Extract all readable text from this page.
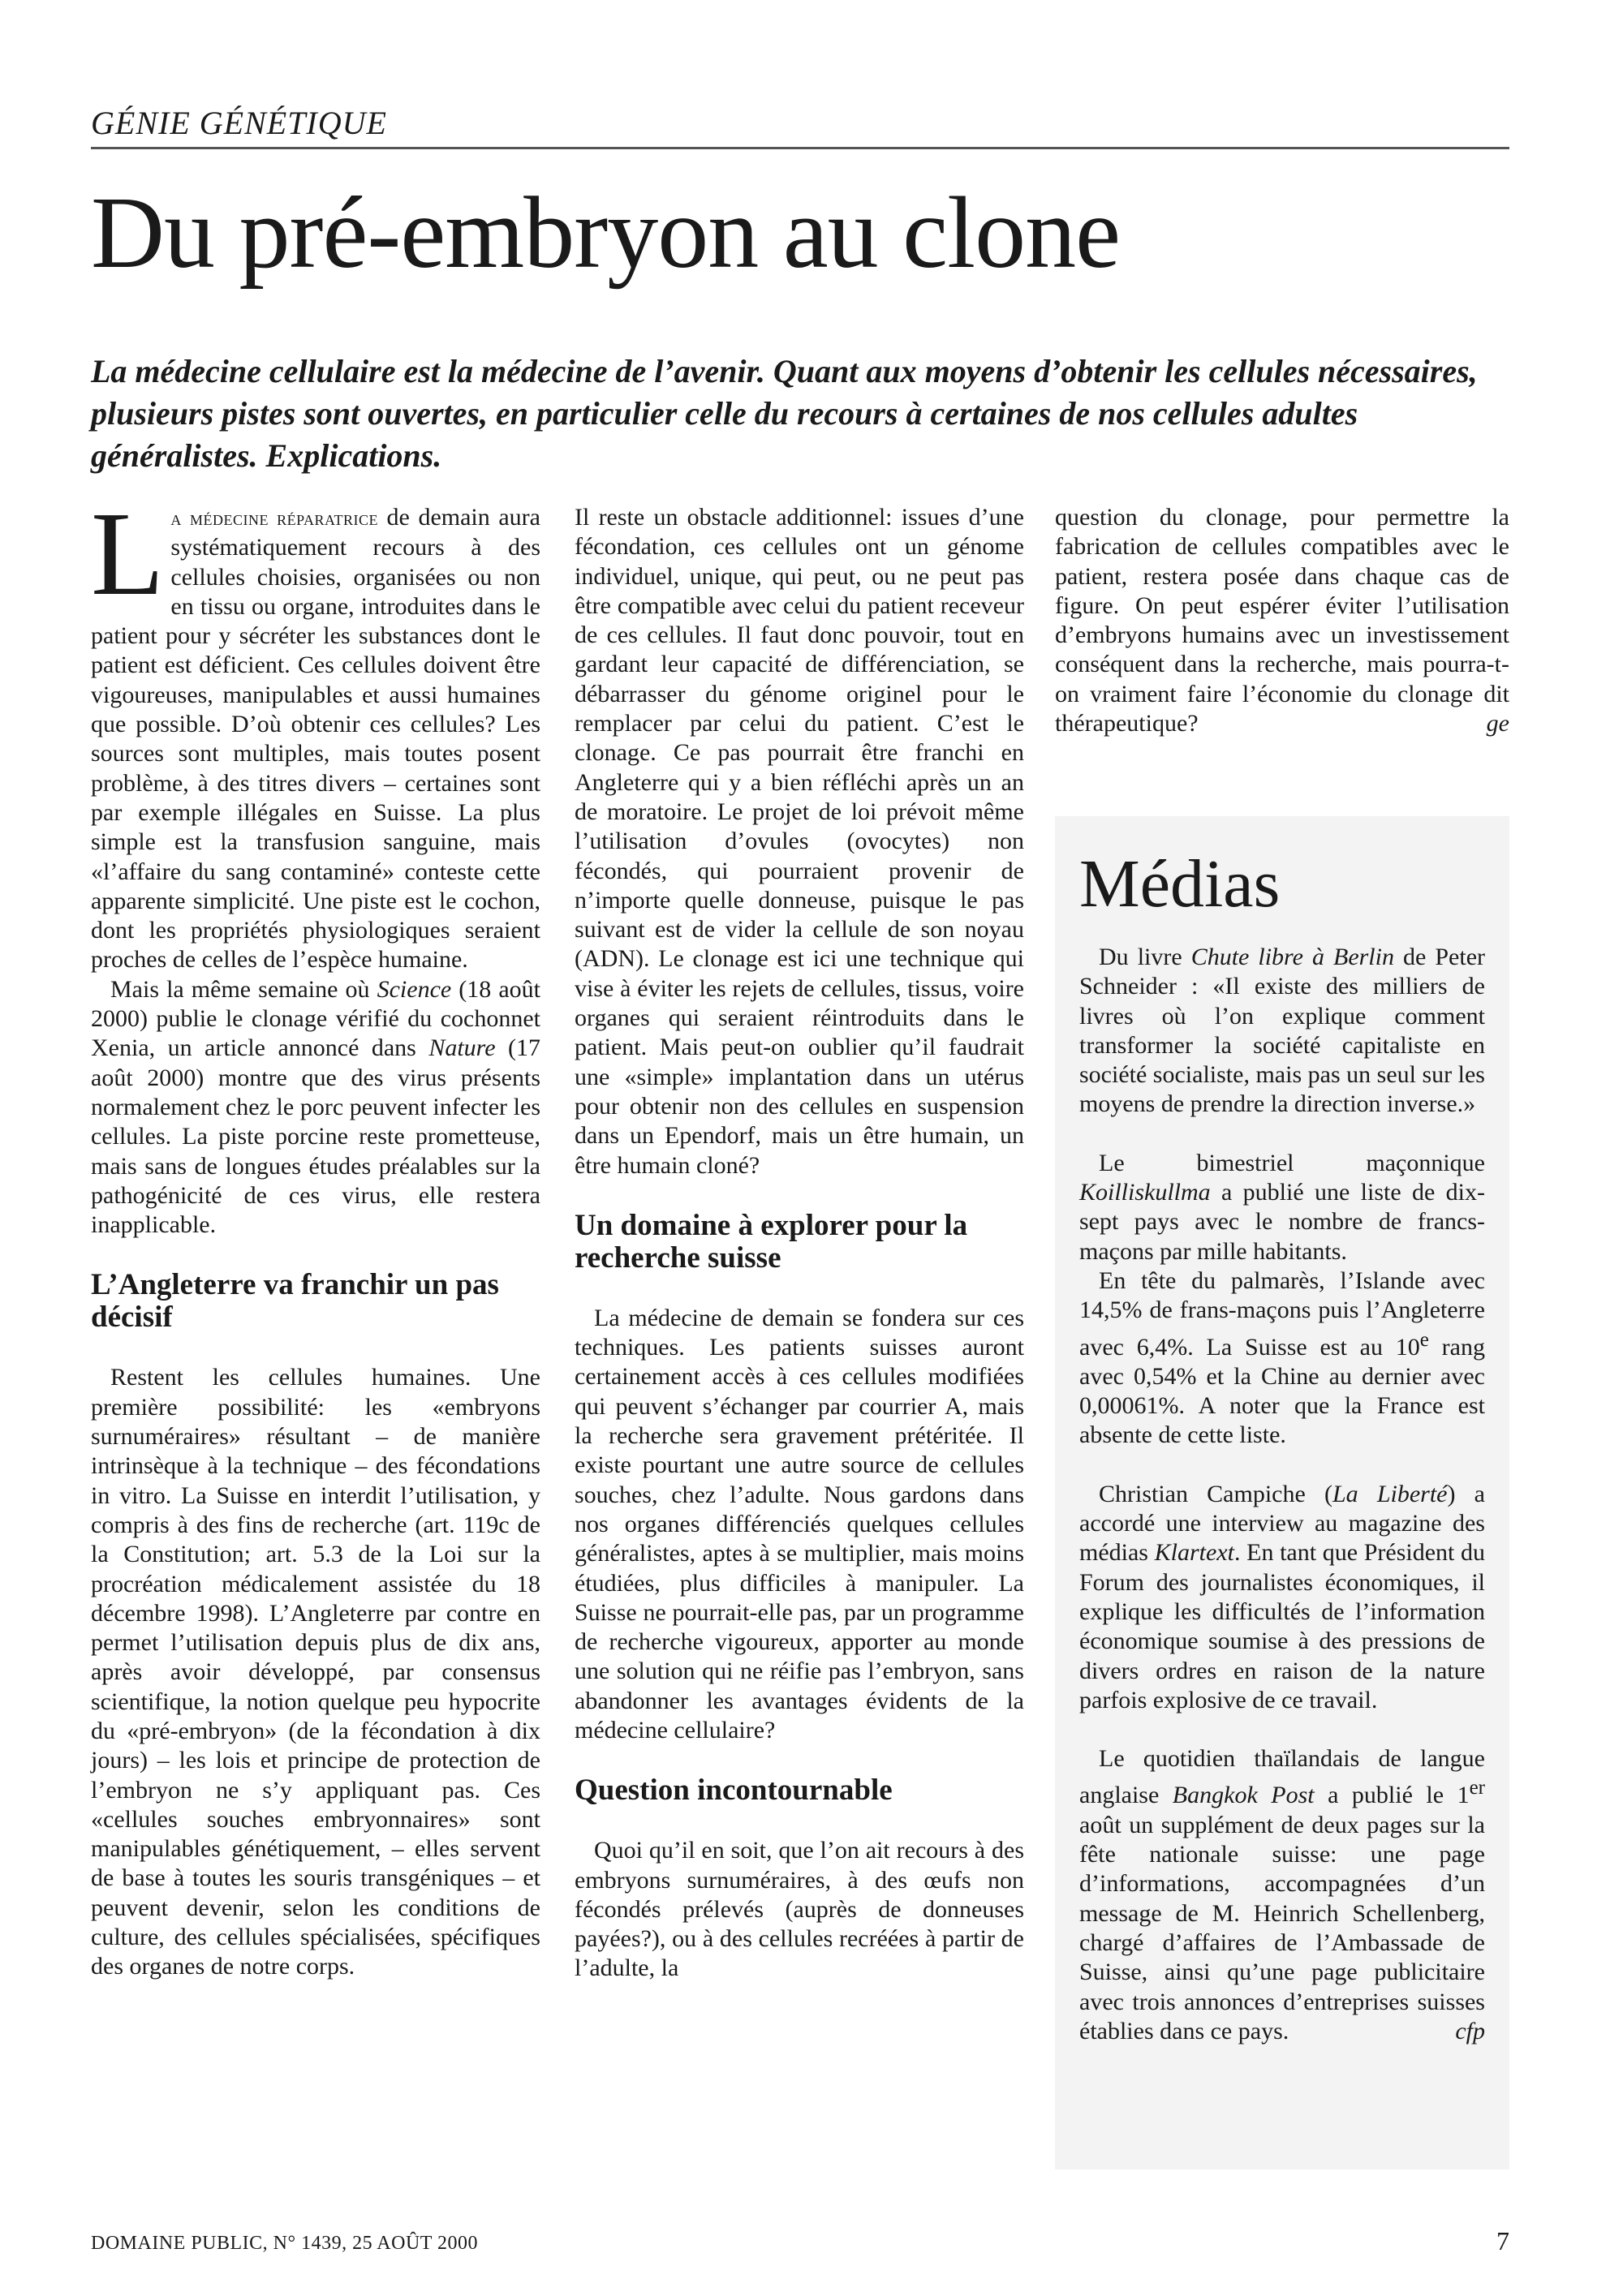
GÉNIE GÉNÉTIQUE
Du pré-embryon au clone
La médecine cellulaire est la médecine de l’avenir. Quant aux moyens d’obtenir les cellules nécessaires, plusieurs pistes sont ouvertes, en particulier celle du recours à certaines de nos cellules adultes généralistes. Explications.

La médecine réparatrice de demain aura systématiquement recours à des cellules choisies, organisées ou non en tissu ou organe, introduites dans le patient pour y sécréter les substances dont le patient est déficient. Ces cellules doivent être vigoureuses, manipulables et aussi humaines que possible. D’où obtenir ces cellules? Les sources sont multiples, mais toutes posent problème, à des titres divers – certaines sont par exemple illégales en Suisse. La plus simple est la transfusion sanguine, mais «l’affaire du sang contaminé» conteste cette apparente simplicité. Une piste est le cochon, dont les propriétés physiologiques seraient proches de celles de l’espèce humaine.

Mais la même semaine où Science (18 août 2000) publie le clonage vérifié du cochonnet Xenia, un article annoncé dans Nature (17 août 2000) montre que des virus présents normalement chez le porc peuvent infecter les cellules. La piste porcine reste prometteuse, mais sans de longues études préalables sur la pathogénicité de ces virus, elle restera inapplicable.

L’Angleterre va franchir un pas décisif

Restent les cellules humaines. Une première possibilité: les «embryons surnuméraires» résultant – de manière intrinsèque à la technique – des fécondations in vitro. La Suisse en interdit l’utilisation, y compris à des fins de recherche (art. 119c de la Constitution; art. 5.3 de la Loi sur la procréation médicalement assistée du 18 décembre 1998). L’Angleterre par contre en permet l’utilisation depuis plus de dix ans, après avoir développé, par consensus scientifique, la notion quelque peu hypocrite du «pré-embryon» (de la fécondation à dix jours) – les lois et principe de protection de l’embryon ne s’y appliquant pas. Ces «cellules souches embryonnaires» sont manipulables génétiquement, – elles servent de base à toutes les souris transgéniques – et peuvent devenir, selon les conditions de culture, des cellules spécialisées, spécifiques des organes de notre corps.

Il reste un obstacle additionnel: issues d’une fécondation, ces cellules ont un génome individuel, unique, qui peut, ou ne peut pas être compatible avec celui du patient receveur de ces cellules. Il faut donc pouvoir, tout en gardant leur capacité de différenciation, se débarrasser du génome originel pour le remplacer par celui du patient. C’est le clonage. Ce pas pourrait être franchi en Angleterre qui y a bien réfléchi après un an de moratoire. Le projet de loi prévoit même l’utilisation d’ovules (ovocytes) non fécondés, qui pourraient provenir de n’importe quelle donneuse, puisque le pas suivant est de vider la cellule de son noyau (ADN). Le clonage est ici une technique qui vise à éviter les rejets de cellules, tissus, voire organes qui seraient réintroduits dans le patient. Mais peut-on oublier qu’il faudrait une «simple» implantation dans un utérus pour obtenir non des cellules en suspension dans un Ependorf, mais un être humain, un être humain cloné?

Un domaine à explorer pour la recherche suisse

La médecine de demain se fondera sur ces techniques. Les patients suisses auront certainement accès à ces cellules modifiées qui peuvent s’échanger par courrier A, mais la recherche sera gravement prétéritée. Il existe pourtant une autre source de cellules souches, chez l’adulte. Nous gardons dans nos organes différenciés quelques cellules généralistes, aptes à se multiplier, mais moins étudiées, plus difficiles à manipuler. La Suisse ne pourrait-elle pas, par un programme de recherche vigoureux, apporter au monde une solution qui ne réifie pas l’embryon, sans abandonner les avantages évidents de la médecine cellulaire?

Question incontournable

Quoi qu’il en soit, que l’on ait recours à des embryons surnuméraires, à des œufs non fécondés prélevés (auprès de donneuses payées?), ou à des cellules recréées à partir de l’adulte, la

question du clonage, pour permettre la fabrication de cellules compatibles avec le patient, restera posée dans chaque cas de figure. On peut espérer éviter l’utilisation d’embryons humains avec un investissement conséquent dans la recherche, mais pourra-t-on vraiment faire l’économie du clonage dit thérapeutique?	ge
Médias

Du livre Chute libre à Berlin de Peter Schneider : «Il existe des milliers de livres où l’on explique comment transformer la société capitaliste en société socialiste, mais pas un seul sur les moyens de prendre la direction inverse.»

Le bimestriel maçonnique Koilliskullma a publié une liste de dix-sept pays avec le nombre de francs-maçons par mille habitants.

En tête du palmarès, l’Islande avec 14,5% de frans-maçons puis l’Angleterre avec 6,4%. La Suisse est au 10e rang avec 0,54% et la Chine au dernier avec 0,00061%. A noter que la France est absente de cette liste.

Christian Campiche (La Liberté) a accordé une interview au magazine des médias Klartext. En tant que Président du Forum des journalistes économiques, il explique les difficultés de l’information économique soumise à des pressions de divers ordres en raison de la nature parfois explosive de ce travail.

Le quotidien thaïlandais de langue anglaise Bangkok Post a publié le 1er août un supplément de deux pages sur la fête nationale suisse: une page d’informations, accompagnées d’un message de M. Heinrich Schellenberg, chargé d’affaires de l’Ambassade de Suisse, ainsi qu’une page publicitaire avec trois annonces d’entreprises suisses établies dans ce pays.	cfp

DOMAINE PUBLIC, N° 1439, 25 AOÛT 2000	7
